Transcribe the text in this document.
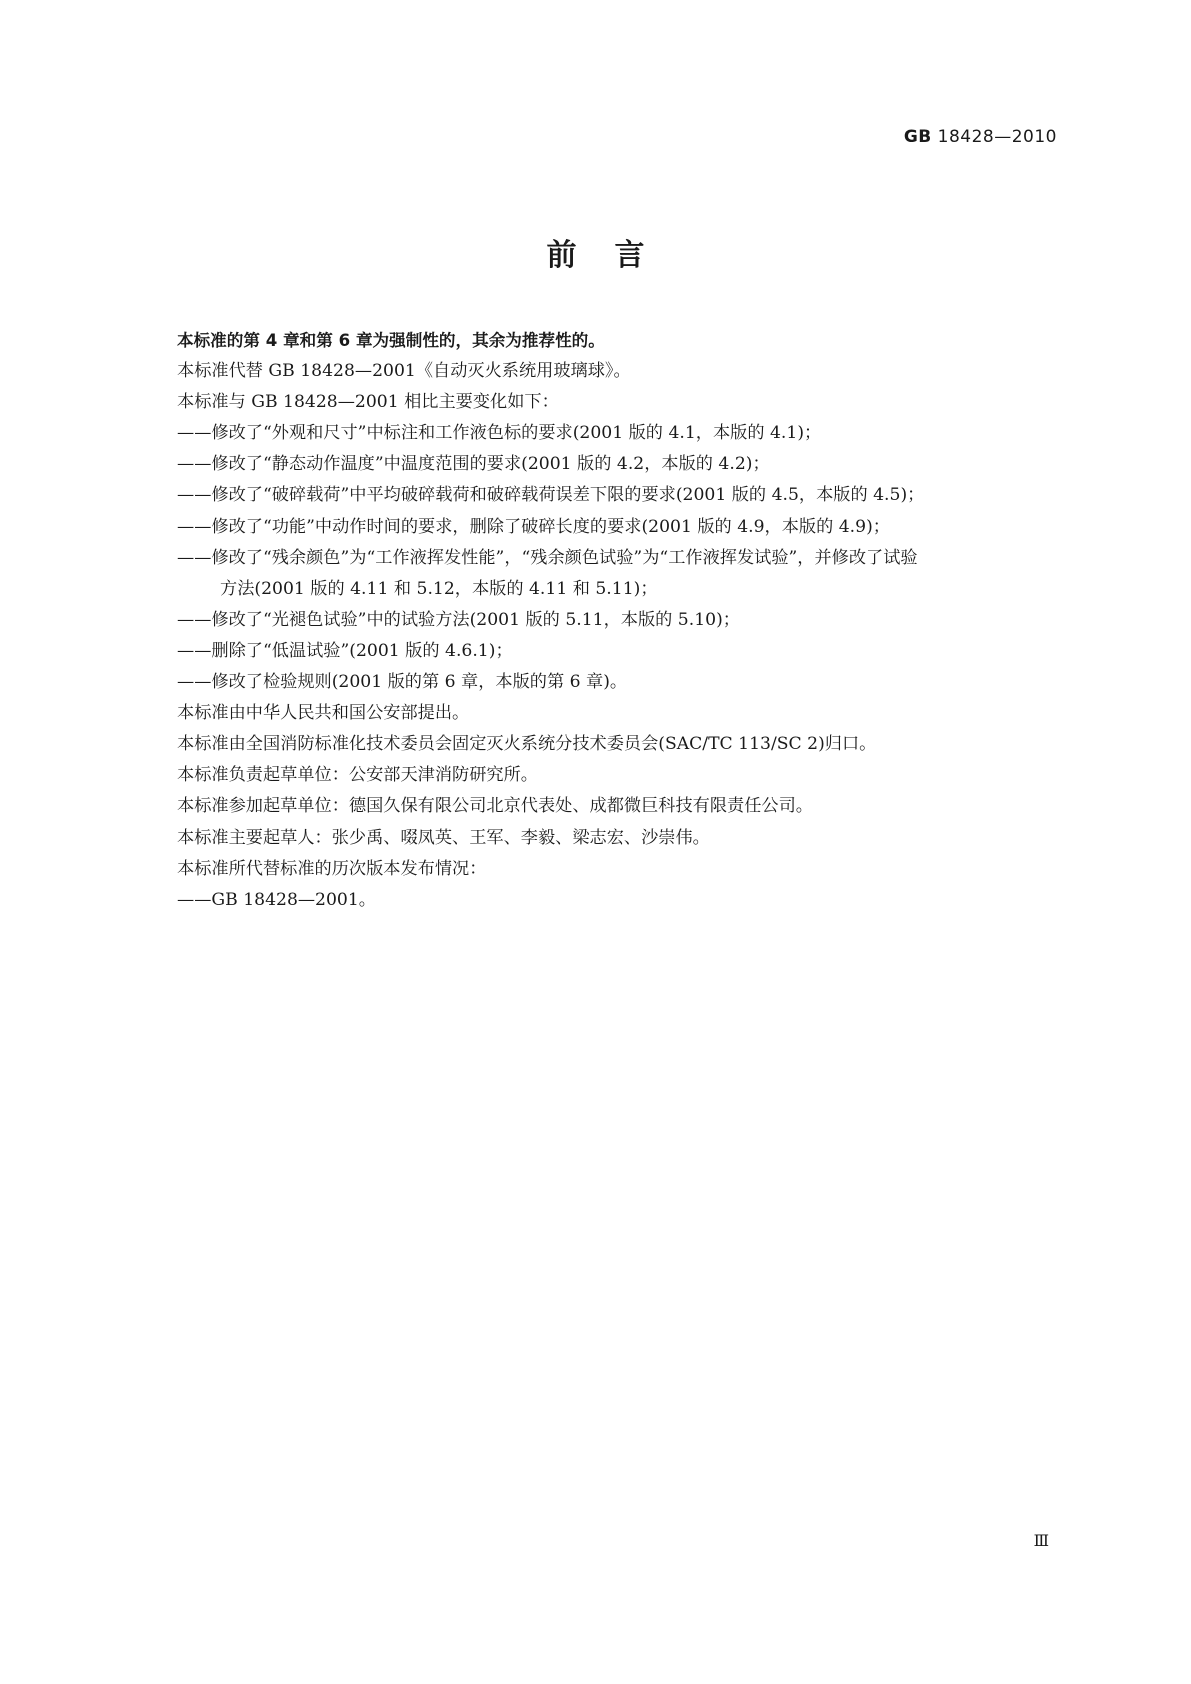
GB 18428—2010
前言
本标准的第 4 章和第 6 章为强制性的，其余为推荐性的。
本标准代替 GB 18428—2001《自动灭火系统用玻璃球》。
本标准与 GB 18428—2001 相比主要变化如下：
——修改了“外观和尺寸”中标注和工作液色标的要求(2001 版的 4.1，本版的 4.1)；
——修改了“静态动作温度”中温度范围的要求(2001 版的 4.2，本版的 4.2)；
——修改了“破碎载荷”中平均破碎载荷和破碎载荷误差下限的要求(2001 版的 4.5，本版的 4.5)；
——修改了“功能”中动作时间的要求，删除了破碎长度的要求(2001 版的 4.9，本版的 4.9)；
——修改了“残余颜色”为“工作液挥发性能”，“残余颜色试验”为“工作液挥发试验”，并修改了试验
方法(2001 版的 4.11 和 5.12，本版的 4.11 和 5.11)；
——修改了“光褪色试验”中的试验方法(2001 版的 5.11，本版的 5.10)；
——删除了“低温试验”(2001 版的 4.6.1)；
——修改了检验规则(2001 版的第 6 章，本版的第 6 章)。
本标准由中华人民共和国公安部提出。
本标准由全国消防标准化技术委员会固定灭火系统分技术委员会(SAC/TC 113/SC 2)归口。
本标准负责起草单位：公安部天津消防研究所。
本标准参加起草单位：德国久保有限公司北京代表处、成都微巨科技有限责任公司。
本标准主要起草人：张少禹、啜凤英、王军、李毅、梁志宏、沙崇伟。
本标准所代替标准的历次版本发布情况：
——GB 18428—2001。
Ⅲ
